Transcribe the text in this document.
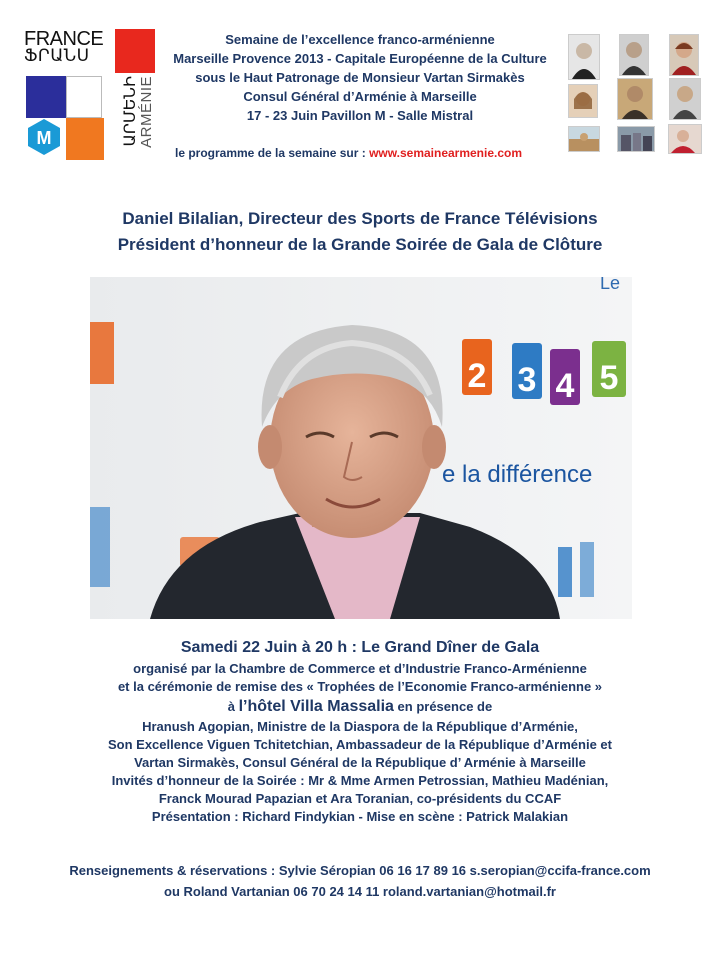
FRANCE
ՖՐԱՆՍ
M	ԱՐՄԵՆԻ ARMÉNIE
Semaine de l’excellence franco-arménienne
Marseille Provence 2013 - Capitale Européenne de la Culture
sous le Haut Patronage de Monsieur Vartan Sirmakès
Consul Général d’Arménie à Marseille
17 - 23 Juin Pavillon M - Salle Mistral
le programme de la semaine sur : www.semainearmenie.com
Daniel Bilalian, Directeur des Sports de France Télévisions
Président d’honneur de la Grande Soirée de Gala de Clôture
2 3 4 5
Le
e la différence
Samedi 22 Juin à 20 h : Le Grand Dîner de Gala
organisé par la Chambre de Commerce et d’Industrie Franco-Arménienne
et la cérémonie de remise des « Trophées de l’Economie Franco-arménienne »
à l’hôtel Villa Massalia en présence de
Hranush Agopian, Ministre de la Diaspora de la République d’Arménie,
Son Excellence Viguen Tchitetchian, Ambassadeur de la République d’Arménie et
Vartan Sirmakès, Consul Général de la République d’ Arménie à Marseille
Invités d’honneur de la Soirée : Mr & Mme Armen Petrossian, Mathieu Madénian,
Franck Mourad Papazian et Ara Toranian, co-présidents du CCAF
Présentation : Richard Findykian - Mise en scène : Patrick Malakian
Renseignements & réservations : Sylvie Séropian 06 16 17 89 16 s.seropian@ccifa-france.com
ou Roland Vartanian 06 70 24 14 11 roland.vartanian@hotmail.fr
